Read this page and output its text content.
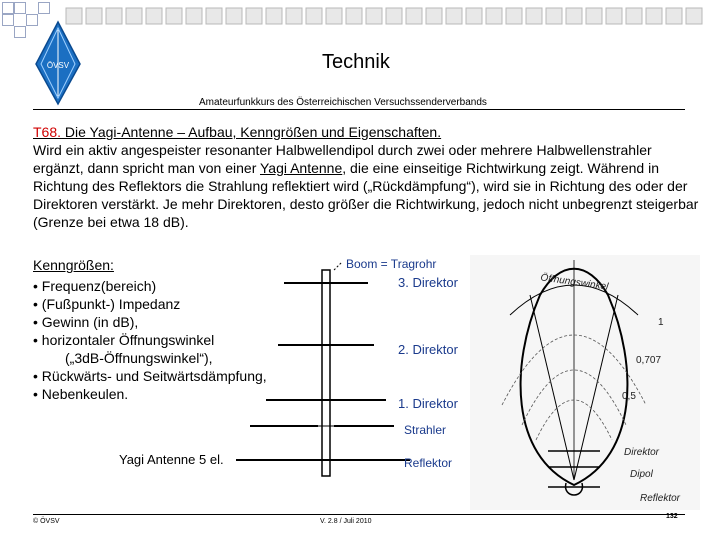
ÖVSV	Technik
Amateurfunkkurs des Österreichischen Versuchssenderverbands
T68. Die Yagi-Antenne – Aufbau, Kenngrößen und Eigenschaften.
Wird ein aktiv angespeister resonanter Halbwellendipol durch zwei oder mehrere Halbwellenstrahler ergänzt, dann spricht man von einer Yagi Antenne, die eine einseitige Richtwirkung zeigt. Während in Richtung des Reflektors die Strahlung reflektiert wird („Rückdämpfung“), wird sie in Richtung des oder der Direktoren verstärkt. Je mehr Direktoren, desto größer die Richtwirkung, jedoch nicht unbegrenzt steigerbar (Grenze bei etwa 18 dB).
Kenngrößen:
• Frequenz(bereich)
• (Fußpunkt-) Impedanz
• Gewinn (in dB),
• horizontaler Öffnungswinkel
(„3dB-Öffnungswinkel“),
• Rückwärts- und Seitwärtsdämpfung,
• Nebenkeulen.
Boom = Tragrohr
3. Direktor
2. Direktor
1. Direktor
Strahler
Reflektor
Yagi Antenne 5 el.
Öffnungswinkel
1
0,707
0,5
Direktor
Dipol
Reflektor
© ÖVSV	V. 2.8 / Juli 2010
132
